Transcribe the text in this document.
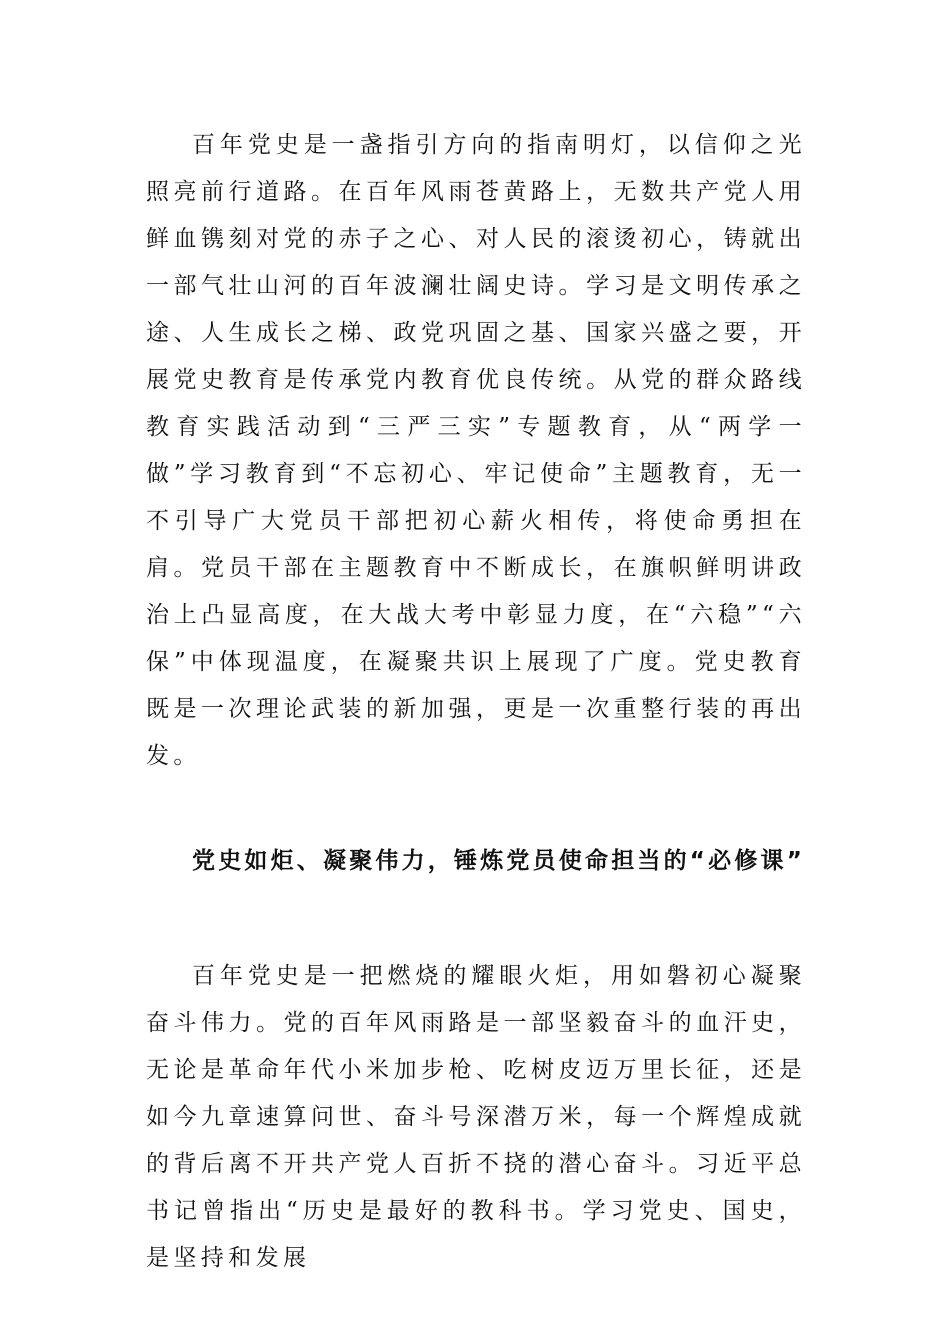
百年党史是一盏指引方向的指南明灯，以信仰之光照亮前行道路。在百年风雨苍黄路上，无数共产党人用鲜血镌刻对党的赤子之心、对人民的滚烫初心，铸就出一部气壮山河的百年波澜壮阔史诗。学习是文明传承之途、人生成长之梯、政党巩固之基、国家兴盛之要，开展党史教育是传承党内教育优良传统。从党的群众路线教育实践活动到“三严三实”专题教育，从“两学一做”学习教育到“不忘初心、牢记使命”主题教育，无一不引导广大党员干部把初心薪火相传，将使命勇担在肩。党员干部在主题教育中不断成长，在旗帜鲜明讲政治上凸显高度，在大战大考中彰显力度，在“六稳”“六保”中体现温度，在凝聚共识上展现了广度。党史教育既是一次理论武装的新加强，更是一次重整行装的再出发。

党史如炬、凝聚伟力，锤炼党员使命担当的“必修课”

百年党史是一把燃烧的耀眼火炬，用如磐初心凝聚奋斗伟力。党的百年风雨路是一部坚毅奋斗的血汗史，无论是革命年代小米加步枪、吃树皮迈万里长征，还是如今九章速算问世、奋斗号深潜万米，每一个辉煌成就的背后离不开共产党人百折不挠的潜心奋斗。习近平总书记曾指出“历史是最好的教科书。学习党史、国史，是坚持和发展
